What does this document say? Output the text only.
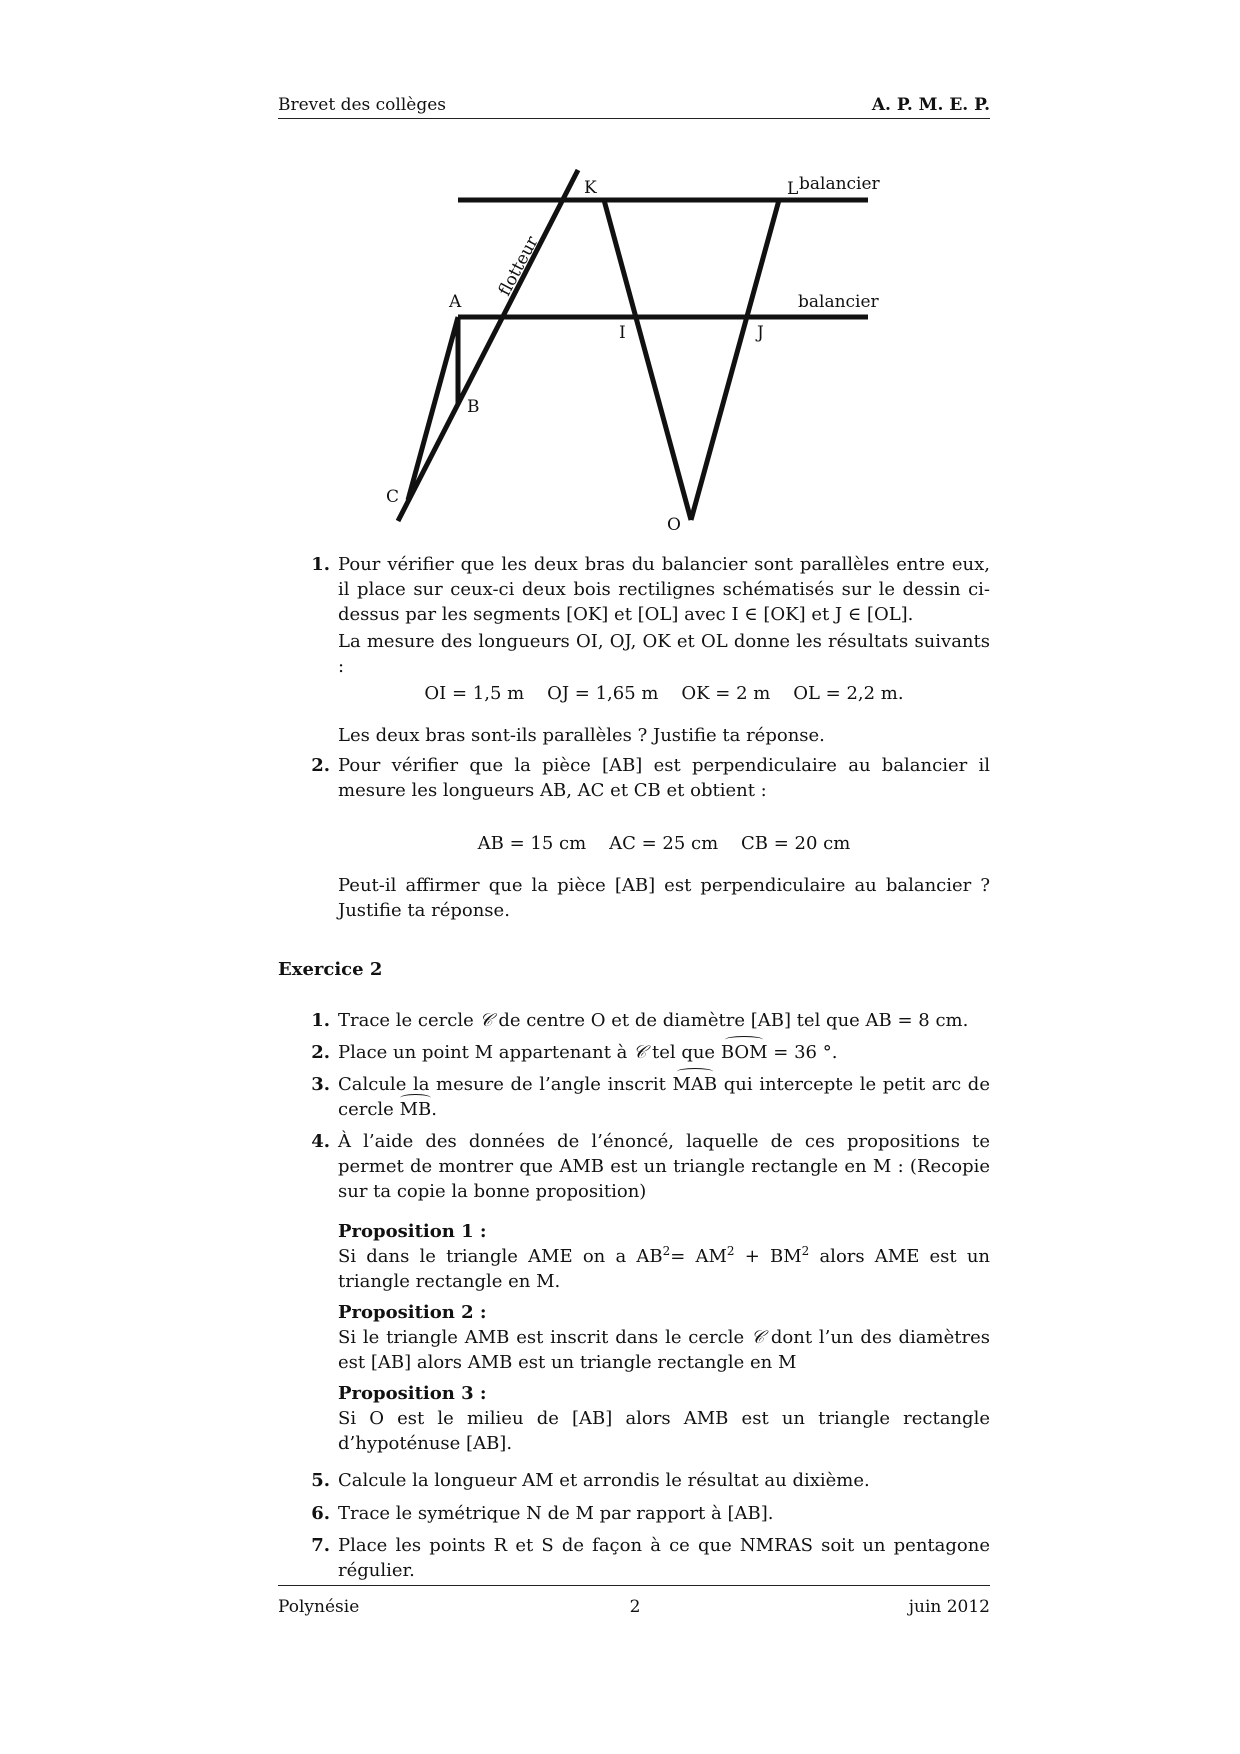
Brevet des collèges	A. P. M. E. P.
K	L balancier
balancier
A
I	J
B
C
O
flotteur
1. Pour vérifier que les deux bras du balancier sont parallèles entre eux, il place sur ceux-ci deux bois rectilignes schématisés sur le dessin ci-dessus par les segments [OK] et [OL] avec I ∈ [OK] et J ∈ [OL].
La mesure des longueurs OI, OJ, OK et OL donne les résultats suivants :
OI = 1,5 m    OJ = 1,65 m    OK = 2 m    OL = 2,2 m.
Les deux bras sont-ils parallèles ? Justifie ta réponse.
2. Pour vérifier que la pièce [AB] est perpendiculaire au balancier il mesure les longueurs AB, AC et CB et obtient :
AB = 15 cm    AC = 25 cm    CB = 20 cm
Peut-il affirmer que la pièce [AB] est perpendiculaire au balancier ? Justifie ta réponse.
Exercice 2
1. Trace le cercle 𝒞 de centre O et de diamètre [AB] tel que AB = 8 cm.
2. Place un point M appartenant à 𝒞 tel que BOM = 36 °.
3. Calcule la mesure de l’angle inscrit MAB qui intercepte le petit arc de cercle MB.
4. À l’aide des données de l’énoncé, laquelle de ces propositions te permet de montrer que AMB est un triangle rectangle en M : (Recopie sur ta copie la bonne proposition)
Proposition 1 :
Si dans le triangle AME on a $AB^2= AM^2 + BM^2$ alors AME est un triangle rectangle en M.
Proposition 2 :
Si le triangle AMB est inscrit dans le cercle 𝒞 dont l’un des diamètres est [AB] alors AMB est un triangle rectangle en M
Proposition 3 :
Si O est le milieu de [AB] alors AMB est un triangle rectangle d’hypoténuse [AB].
5. Calcule la longueur AM et arrondis le résultat au dixième.
6. Trace le symétrique N de M par rapport à [AB].
7. Place les points R et S de façon à ce que NMRAS soit un pentagone régulier.
Polynésie	2	juin 2012
